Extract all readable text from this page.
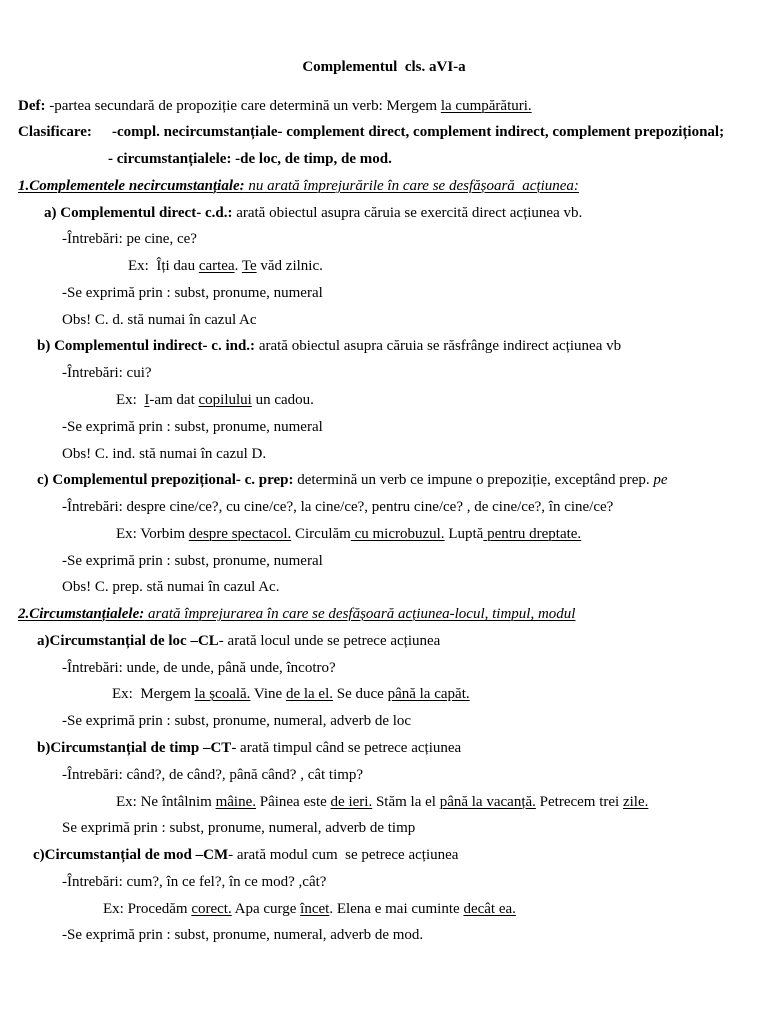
Complementul  cls. aVI-a
Def: -partea secundară de propoziție care determină un verb: Mergem la cumpărături.
Clasificare: -compl. necircumstanțiale- complement direct, complement indirect, complement prepozițional;
- circumstanțialele: -de loc, de timp, de mod.
1.Complementele necircumstanțiale: nu arată împrejurările în care se desfășoară  acțiunea:
a) Complementul direct- c.d.: arată obiectul asupra căruia se exercită direct acțiunea vb.
-Întrebări: pe cine, ce?
Ex:  Îți dau cartea. Te văd zilnic.
-Se exprimă prin : subst, pronume, numeral
Obs! C. d. stă numai în cazul Ac
b) Complementul indirect- c. ind.: arată obiectul asupra căruia se răsfrânge indirect acțiunea vb
-Întrebări: cui?
Ex:  I-am dat copilului un cadou.
-Se exprimă prin : subst, pronume, numeral
Obs! C. ind. stă numai în cazul D.
c) Complementul prepozițional- c. prep: determină un verb ce impune o prepoziție, exceptând prep. pe
-Întrebări: despre cine/ce?, cu cine/ce?, la cine/ce?, pentru cine/ce? , de cine/ce?, în cine/ce?
Ex: Vorbim despre spectacol. Circulăm cu microbuzul. Luptă pentru dreptate.
-Se exprimă prin : subst, pronume, numeral
Obs! C. prep. stă numai în cazul Ac.
2.Circumstanțialele: arată împrejurarea în care se desfășoară acțiunea-locul, timpul, modul
a)Circumstanțial de loc –CL- arată locul unde se petrece acțiunea
-Întrebări: unde, de unde, până unde, încotro?
Ex:  Mergem la școală. Vine de la el. Se duce până la capăt.
-Se exprimă prin : subst, pronume, numeral, adverb de loc
b)Circumstanțial de timp –CT- arată timpul când se petrece acțiunea
-Întrebări: când?, de când?, până când? , cât timp?
Ex: Ne întâlnim mâine. Pâinea este de ieri. Stăm la el până la vacanță. Petrecem trei zile.
Se exprimă prin : subst, pronume, numeral, adverb de timp
c)Circumstanțial de mod –CM- arată modul cum  se petrece acțiunea
-Întrebări: cum?, în ce fel?, în ce mod? ,cât?
Ex: Procedăm corect. Apa curge încet. Elena e mai cuminte decât ea.
-Se exprimă prin : subst, pronume, numeral, adverb de mod.
